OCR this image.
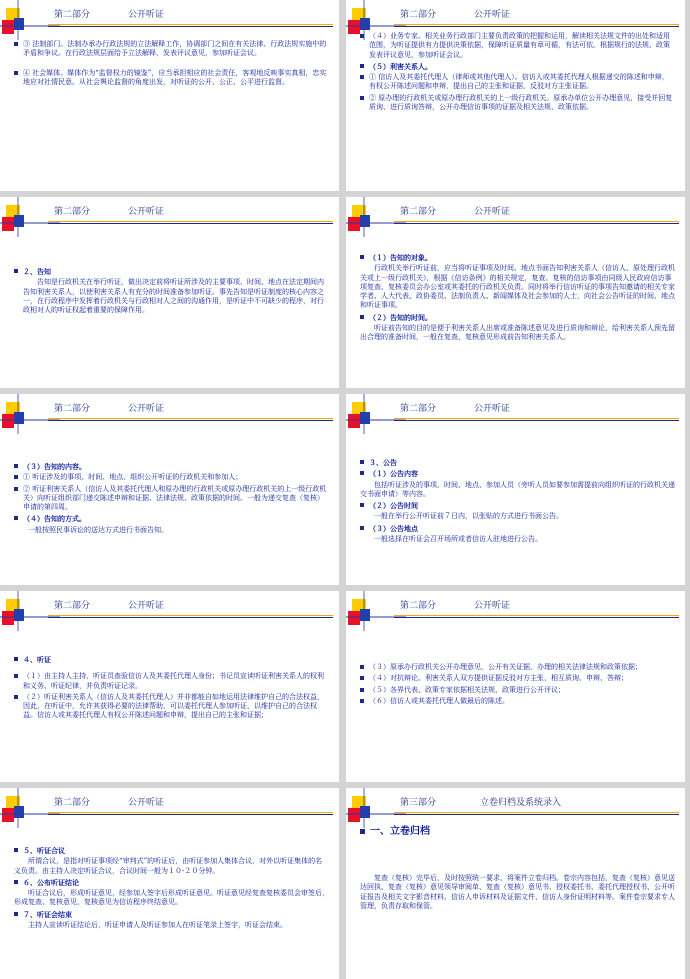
第二部分	公开听证

③ 法制部门。法制办承办行政法规的立法解释工作，协调部门之间在有关法律、行政法规实施中的矛盾和争议。在行政法规层面给予立法解释，发表评议意见，参加听证会议。

④ 社会媒体。媒体作为“监督权力的镜鉴”，应当承担相应的社会责任，客观地反映事实真相，忠实地应对社情民意。从社会舆论监督的角度出发，对听证的公开、公正、公平进行监督。

第二部分	公开听证

（４）业务专家。相关业务行政部门主要负责政策的把握和运用，解读相关法规文件的出处和适用范围，为听证提供有力提供决策依据，保障听证质量有章可循，有法可依。根据规行的法规、政策发表评议意见，参加听证会议。

（５）利害关系人。

① 信访人及其委托代理人（律师或其他代理人）。信访人或其委托代理人根据递交的陈述和申辩，有权公开陈述问题和申辩，提出自己的主张和证据，反驳对方主张证据。

② 原办理的行政机关或原办理行政机关的上一级行政机关。原承办单位公开办理意见，接受并回复质询、进行质询答辩，公开办理信访事项的证据及相关法规、政策依据。

第二部分	公开听证

２、告知

告知是行政机关在举行听证，做出决定前将听证所涉及的主要事项、时间、地点在法定期间内告知利害关系人，以使利害关系人有充分的时间准备参加听证。事先告知是听证制度的核心内容之一，在行政程序中发挥着行政机关与行政相对人之间的沟通作用，是听证中不可缺少的程序，对行政相对人的听证权起着重要的保障作用。

第二部分	公开听证

（１）告知的对象。

行政机关举行听证前，应当将听证事项及时间、地点书面告知利害关系人（信访人、原处理行政机关或上一级行政机关），根据《信访条例》的相关规定，复查、复核的信访事项由同级人民政府信访事项复查、复核委员会办公室或其委托的行政机关负责。同时将举行信访听证的事项告知邀请的相关专家学者、人大代表、政协委员、法制负责人、新闻媒体及社会参加的人士，向社会公告听证的时间、地点和听证事项。

（２）告知的时间。

听证前告知的目的是便于利害关系人出席或准备陈述意见及进行质询和辩论，给利害关系人预先留出合理的准备时间，一般在复查、复核意见形成前告知利害关系人。

第二部分	公开听证

（３）告知的内容。

① 听证涉及的事项、时间、地点、组织公开听证的行政机关和参加人；

② 听证利害关系人（信访人及其委托代理人和原办理的行政机关或原办理行政机关的上一级行政机关）向听证组织部门递交陈述申辩和证据、法律法规、政策依据的时间。一般为递交复查（复核）申请的第四周。

（４）告知的方式。

一般按照民事诉讼的送达方式进行书面告知。

第二部分	公开听证

３、公告

（１）公告内容

包括听证涉及的事项、时间、地点、参加人员（旁听人员如要参加需提前向组织听证的行政机关递交书面申请）等内容。

（２）公告时间

一般在举行公开听证前７日内，以张贴的方式进行书面公告。

（３）公告地点

一般选择在听证会召开场所或者信访人驻地进行公告。

第二部分	公开听证

４、听证

（１）由主持人主持，听证员查验信访人及其委托代理人身份；书记员宣读听证利害关系人的权利和义务、听证纪律，并负责听证记录。

（２）听证利害关系人（信访人及其委托代理人）并非都能自如地运用法律维护自己的合法权益，因此，在听证中，允许其获得必要的法律帮助，可以委托代理人参加听证，以维护自己的合法权益。信访人或其委托代理人有权公开陈述问题和申辩，提出自己的主张和证据；

第二部分	公开听证

（３）原承办行政机关公开办理意见，公开有关证据，办理的相关法律法规和政策依据；

（４）对抗辩论。利害关系人双方提供证据反驳对方主张，相互质询、申辩、答辩；

（５）各界代表、政策专家依据相关法规、政策进行公开评议；

（６）信访人或其委托代理人做最后的陈述。

第二部分	公开听证

５、听证合议

所谓合议，是指对听证事项经“审判式”的听证后，由听证参加人集体合议，对外以听证集体的名义负责。由主持人决定听证合议，合议时间一般为１０-２０分钟。

６、公布听证结论

听证合议后，形成听证意见，经参加人签字后形成听证意见。听证意见经复查复核委员会审签后，形成复查、复核意见，复核意见为信访程序终结意见。

７、听证会结束

主持人宣读听证结论后，听证申请人及听证参加人在听证笔录上签字，听证会结束。

第三部分	立卷归档及系统录入
一、立卷归档

复查（复核）完毕后，及时按照统一要求，将案件立卷归档。卷宗内容包括，复查（复核）意见送达回执、复查（复核）意见领导审阅单、复查（复核）意见书、授权委托书、委托代理授权书、公开听证报告及相关文字影音材料、信访人申诉材料及证据文件、信访人身份证明材料等。案件卷宗要求专人管理，负责存取和保管。
